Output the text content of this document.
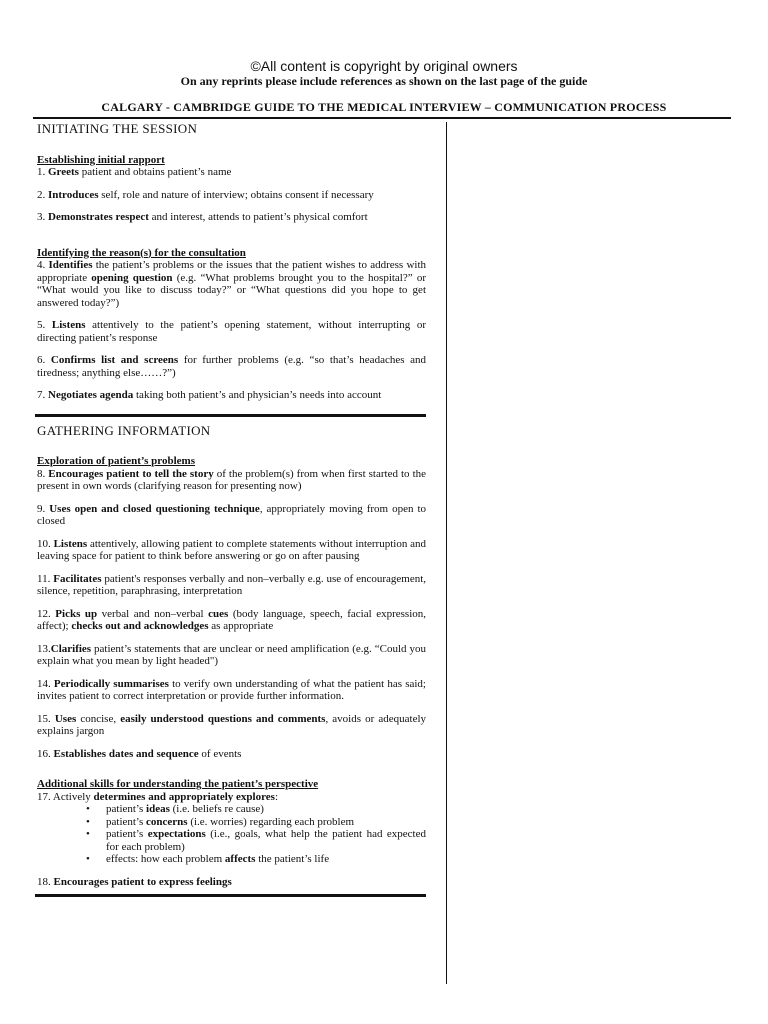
©All content is copyright by original owners
On any reprints please include references as shown on the last page of the guide
CALGARY - CAMBRIDGE GUIDE TO THE MEDICAL INTERVIEW – COMMUNICATION PROCESS
INITIATING THE SESSION
Establishing initial rapport

1. Greets patient and obtains patient’s name

2. Introduces self, role and nature of interview; obtains consent if necessary

3. Demonstrates respect and interest, attends to patient’s physical comfort

Identifying the reason(s) for the consultation

4. Identifies the patient’s problems or the issues that the patient wishes to address with appropriate opening question (e.g. “What problems brought you to the hospital?” or “What would you like to discuss today?” or “What questions did you hope to get answered today?”)

5. Listens attentively to the patient’s opening statement, without interrupting or directing patient’s response

6. Confirms list and screens for further problems (e.g. “so that’s headaches and tiredness; anything else……?”)

7. Negotiates agenda taking both patient’s and physician’s needs into account

GATHERING INFORMATION
Exploration of patient’s problems

8. Encourages patient to tell the story of the problem(s) from when first started to the present in own words (clarifying reason for presenting now)

9. Uses open and closed questioning technique, appropriately moving from open to closed

10. Listens attentively, allowing patient to complete statements without interruption and leaving space for patient to think before answering or go on after pausing

11. Facilitates patient's responses verbally and non–verbally e.g. use of encouragement, silence, repetition, paraphrasing, interpretation

12. Picks up verbal and non–verbal cues (body language, speech, facial expression, affect); checks out and acknowledges as appropriate

13.Clarifies patient’s statements that are unclear or need amplification (e.g. “Could you explain what you mean by light headed")

14. Periodically summarises to verify own understanding of what the patient has said; invites patient to correct interpretation or provide further information.

15. Uses concise, easily understood questions and comments, avoids or adequately explains jargon

16. Establishes dates and sequence of events

Additional skills for understanding the patient’s perspective

17. Actively determines and appropriately explores:

• patient’s ideas (i.e. beliefs re cause)
• patient’s concerns (i.e. worries) regarding each problem
• patient’s expectations (i.e., goals, what help the patient had expected for each problem)
• effects: how each problem affects the patient’s life

18. Encourages patient to express feelings
